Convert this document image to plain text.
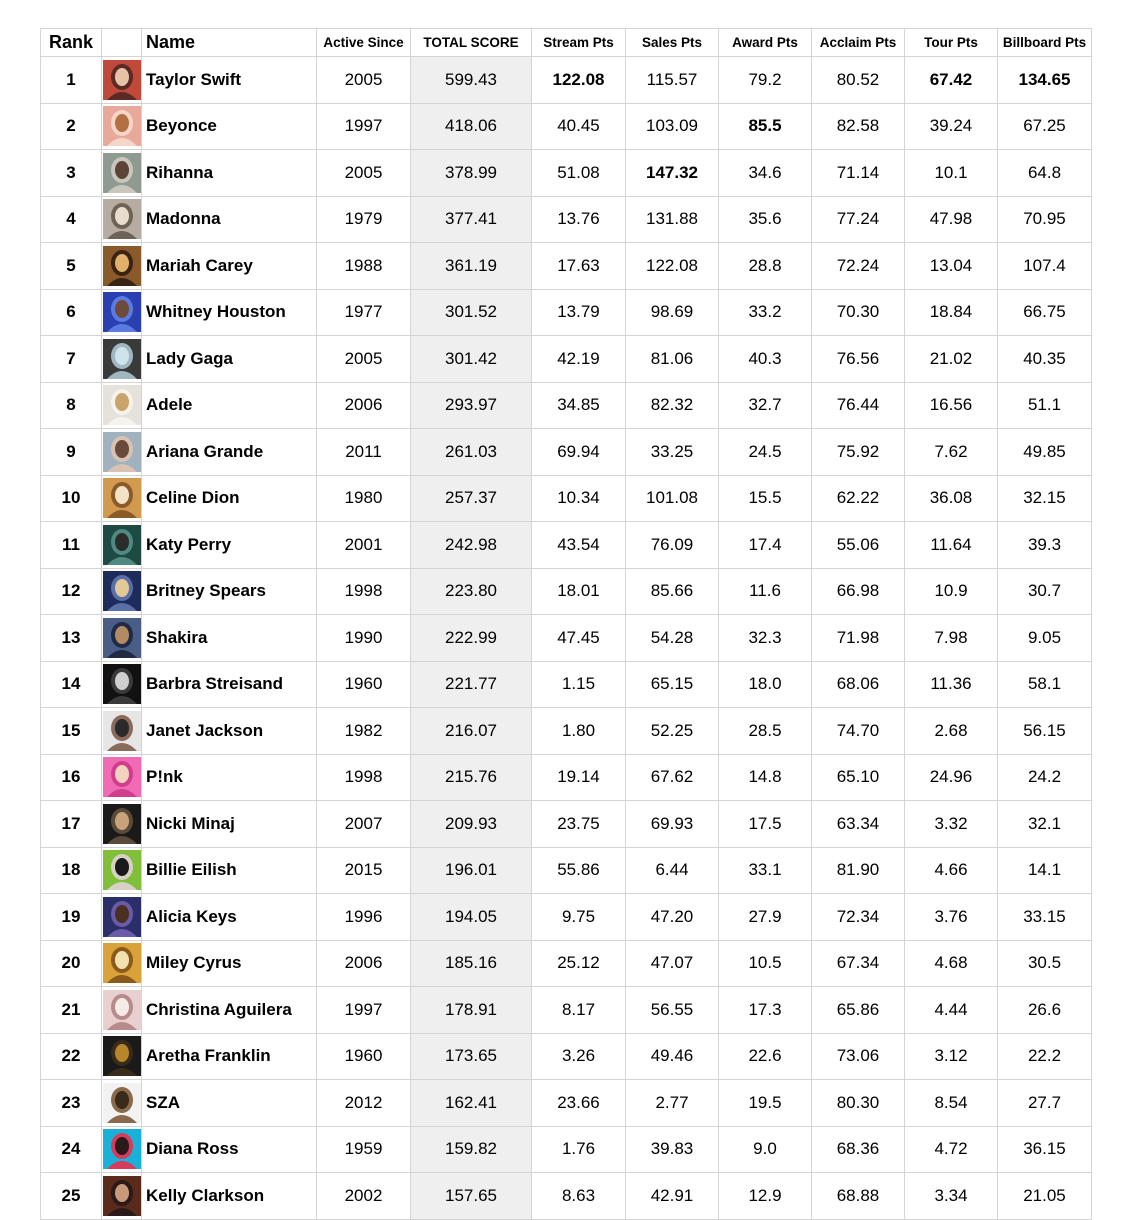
Rank		Name	Active Since	TOTAL SCORE	Stream Pts	Sales Pts	Award Pts	Acclaim Pts	Tour Pts	Billboard Pts
1		Taylor Swift	2005	599.43	122.08	115.57	79.2	80.52	67.42	134.65
2		Beyonce	1997	418.06	40.45	103.09	85.5	82.58	39.24	67.25
3		Rihanna	2005	378.99	51.08	147.32	34.6	71.14	10.1	64.8
4		Madonna	1979	377.41	13.76	131.88	35.6	77.24	47.98	70.95
5		Mariah Carey	1988	361.19	17.63	122.08	28.8	72.24	13.04	107.4
6		Whitney Houston	1977	301.52	13.79	98.69	33.2	70.30	18.84	66.75
7		Lady Gaga	2005	301.42	42.19	81.06	40.3	76.56	21.02	40.35
8		Adele	2006	293.97	34.85	82.32	32.7	76.44	16.56	51.1
9		Ariana Grande	2011	261.03	69.94	33.25	24.5	75.92	7.62	49.85
10		Celine Dion	1980	257.37	10.34	101.08	15.5	62.22	36.08	32.15
11		Katy Perry	2001	242.98	43.54	76.09	17.4	55.06	11.64	39.3
12		Britney Spears	1998	223.80	18.01	85.66	11.6	66.98	10.9	30.7
13		Shakira	1990	222.99	47.45	54.28	32.3	71.98	7.98	9.05
14		Barbra Streisand	1960	221.77	1.15	65.15	18.0	68.06	11.36	58.1
15		Janet Jackson	1982	216.07	1.80	52.25	28.5	74.70	2.68	56.15
16		P!nk	1998	215.76	19.14	67.62	14.8	65.10	24.96	24.2
17		Nicki Minaj	2007	209.93	23.75	69.93	17.5	63.34	3.32	32.1
18		Billie Eilish	2015	196.01	55.86	6.44	33.1	81.90	4.66	14.1
19		Alicia Keys	1996	194.05	9.75	47.20	27.9	72.34	3.76	33.15
20		Miley Cyrus	2006	185.16	25.12	47.07	10.5	67.34	4.68	30.5
21		Christina Aguilera	1997	178.91	8.17	56.55	17.3	65.86	4.44	26.6
22		Aretha Franklin	1960	173.65	3.26	49.46	22.6	73.06	3.12	22.2
23		SZA	2012	162.41	23.66	2.77	19.5	80.30	8.54	27.7
24		Diana Ross	1959	159.82	1.76	39.83	9.0	68.36	4.72	36.15
25		Kelly Clarkson	2002	157.65	8.63	42.91	12.9	68.88	3.34	21.05
